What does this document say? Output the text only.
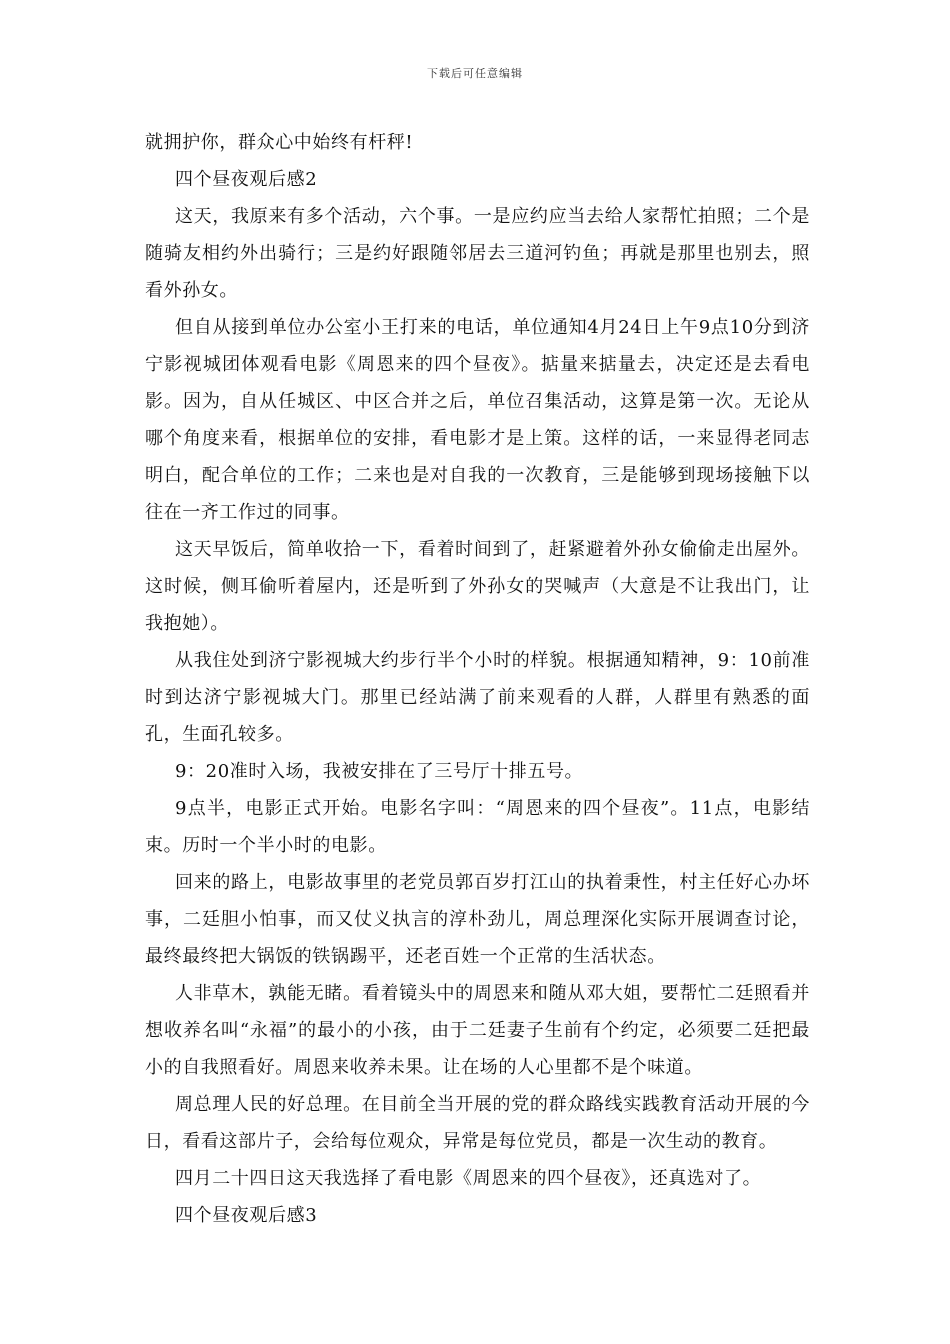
下载后可任意编辑

就拥护你，群众心中始终有杆秤!

四个昼夜观后感2

这天，我原来有多个活动，六个事。一是应约应当去给人家帮忙拍照；二个是随骑友相约外出骑行；三是约好跟随邻居去三道河钓鱼；再就是那里也别去，照看外孙女。

但自从接到单位办公室小王打来的电话，单位通知4月24日上午9点10分到济宁影视城团体观看电影《周恩来的四个昼夜》。掂量来掂量去，决定还是去看电影。因为，自从任城区、中区合并之后，单位召集活动，这算是第一次。无论从哪个角度来看，根据单位的安排，看电影才是上策。这样的话，一来显得老同志明白，配合单位的工作；二来也是对自我的一次教育，三是能够到现场接触下以往在一齐工作过的同事。

这天早饭后，简单收拾一下，看着时间到了，赶紧避着外孙女偷偷走出屋外。这时候，侧耳偷听着屋内，还是听到了外孙女的哭喊声（大意是不让我出门，让我抱她）。

从我住处到济宁影视城大约步行半个小时的样貌。根据通知精神，9：10前准时到达济宁影视城大门。那里已经站满了前来观看的人群，人群里有熟悉的面孔，生面孔较多。

9：20准时入场，我被安排在了三号厅十排五号。

9点半，电影正式开始。电影名字叫：“周恩来的四个昼夜”。11点，电影结束。历时一个半小时的电影。

回来的路上，电影故事里的老党员郭百岁打江山的执着秉性，村主任好心办坏事，二廷胆小怕事，而又仗义执言的淳朴劲儿，周总理深化实际开展调查讨论，最终最终把大锅饭的铁锅踢平，还老百姓一个正常的生活状态。

人非草木，孰能无睹。看着镜头中的周恩来和随从邓大姐，要帮忙二廷照看并想收养名叫“永福”的最小的小孩，由于二廷妻子生前有个约定，必须要二廷把最小的自我照看好。周恩来收养未果。让在场的人心里都不是个味道。

周总理人民的好总理。在目前全当开展的党的群众路线实践教育活动开展的今日，看看这部片子，会给每位观众，异常是每位党员，都是一次生动的教育。

四月二十四日这天我选择了看电影《周恩来的四个昼夜》，还真选对了。

四个昼夜观后感3
